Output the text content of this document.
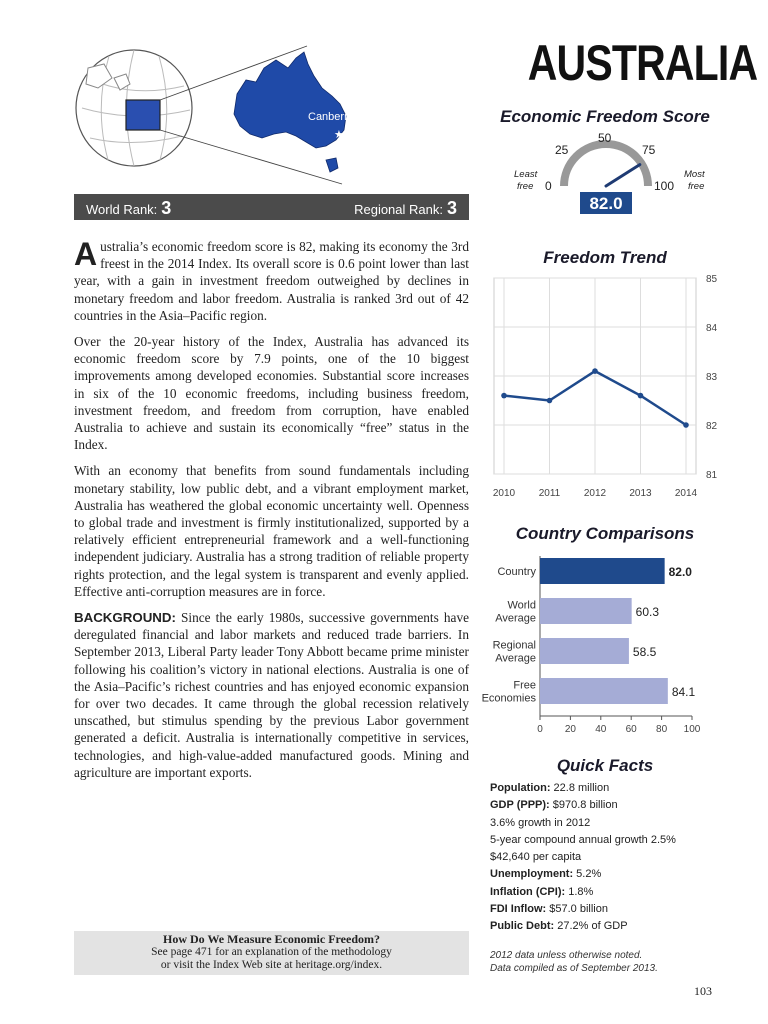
Canberra
★
AUSTRALIA
World Rank: 3	Regional Rank: 3

Australia’s economic freedom score is 82, making its economy the 3rd freest in the 2014 Index. Its overall score is 0.6 point lower than last year, with a gain in investment freedom outweighed by declines in monetary freedom and labor freedom. Australia is ranked 3rd out of 42 countries in the Asia–Pacific region.

Over the 20-year history of the Index, Australia has advanced its economic freedom score by 7.9 points, one of the 10 biggest improvements among developed economies. Substantial score increases in six of the 10 economic freedoms, including business freedom, investment freedom, and freedom from corruption, have enabled Australia to achieve and sustain its economically “free” status in the Index.

With an economy that benefits from sound fundamentals including monetary stability, low public debt, and a vibrant employment market, Australia has weathered the global economic uncertainty well. Openness to global trade and investment is firmly institutionalized, supported by a relatively efficient entrepreneurial framework and a well-functioning independent judiciary. Australia has a strong tradition of reliable property rights protection, and the legal system is transparent and evenly applied. Effective anti-corruption measures are in force.

BACKGROUND: Since the early 1980s, successive governments have deregulated financial and labor markets and reduced trade barriers. In September 2013, Liberal Party leader Tony Abbott became prime minister following his coalition’s victory in national elections. Australia is one of the Asia–Pacific’s richest countries and has enjoyed economic expansion for over two decades. It came through the global recession relatively unscathed, but stimulus spending by the previous Labor government generated a deficit. Australia is internationally competitive in services, technologies, and high-value-added manufactured goods. Mining and agriculture are important exports.

How Do We Measure Economic Freedom?
See page 471 for an explanation of the methodology
or visit the Index Web site at heritage.org/index.
Economic Freedom Score
0
25
50
75
100
Least
free
Most
free
82.0
Freedom Trend
81
82
83
84
85
2010 2011 2012 2013 2014
Country Comparisons
Country	82.0
World
Average	60.3
Regional
Average	58.5
Free
Economies	84.1
0 20 40 60 80 100
Quick Facts
Population: 22.8 million
GDP (PPP): $970.8 billion
3.6% growth in 2012
5-year compound annual growth 2.5%
$42,640 per capita
Unemployment: 5.2%
Inflation (CPI): 1.8%
FDI Inflow: $57.0 billion
Public Debt: 27.2% of GDP
2012 data unless otherwise noted.
Data compiled as of September 2013.
103
